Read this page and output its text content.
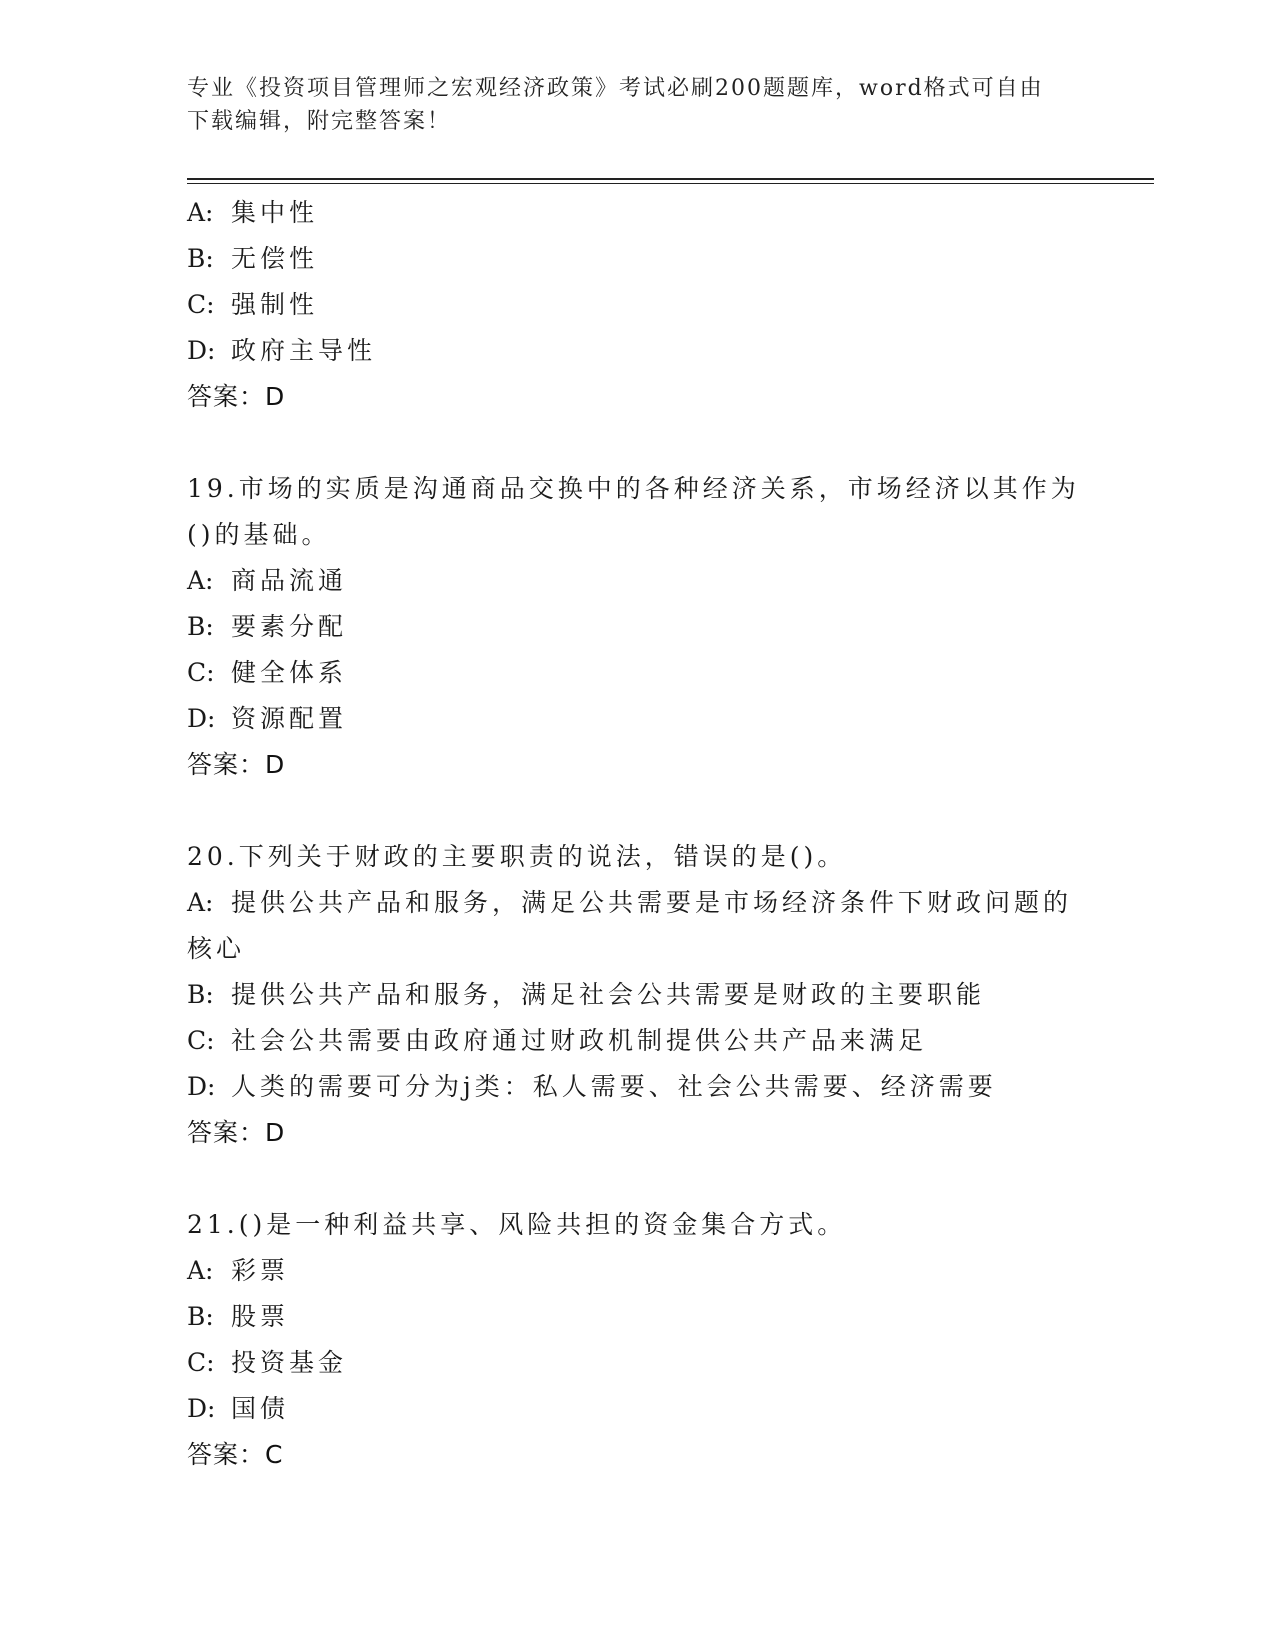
专业《投资项目管理师之宏观经济政策》考试必刷200题题库，word格式可自由
下载编辑，附完整答案！
A: 集中性
B: 无偿性
C: 强制性
D: 政府主导性
答案：D
19.市场的实质是沟通商品交换中的各种经济关系，市场经济以其作为
()的基础。
A: 商品流通
B: 要素分配
C: 健全体系
D: 资源配置
答案：D
20.下列关于财政的主要职责的说法，错误的是()。
A: 提供公共产品和服务，满足公共需要是市场经济条件下财政问题的
核心
B: 提供公共产品和服务，满足社会公共需要是财政的主要职能
C: 社会公共需要由政府通过财政机制提供公共产品来满足
D: 人类的需要可分为j类：私人需要、社会公共需要、经济需要
答案：D
21.()是一种利益共享、风险共担的资金集合方式。
A: 彩票
B: 股票
C: 投资基金
D: 国债
答案：C
